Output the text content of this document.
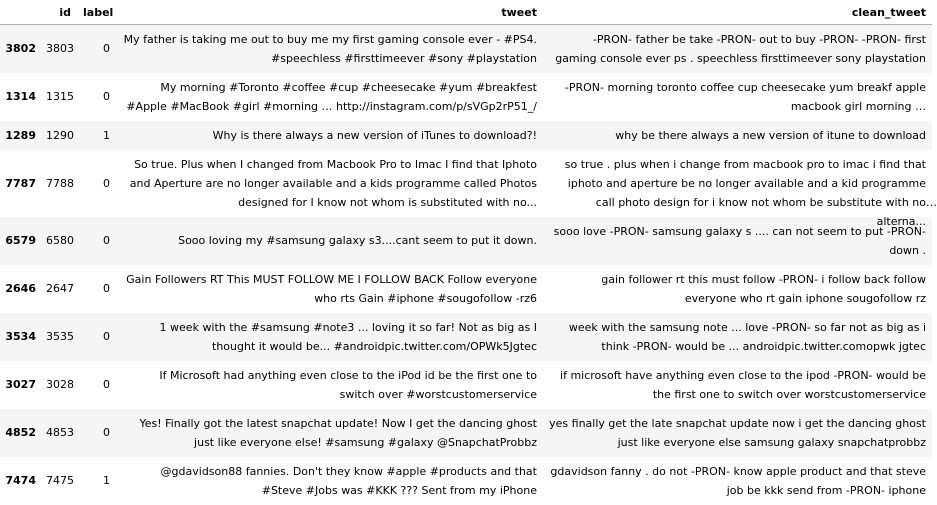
	id	label	tweet	clean_tweet
3802	3803	0	My father is taking me out to buy me my first gaming console ever - #PS4. #speechless #firsttimeever #sony #playstation	-PRON- father be take -PRON- out to buy -PRON- -PRON- first gaming console ever ps . speechless firsttimeever sony playstation

1314	1315	0	My morning #Toronto #coffee #cup #cheesecake #yum #breakfest #Apple #MacBook #girl #morning … http://instagram.com/p/sVGp2rP51_/	-PRON- morning toronto coffee cup cheesecake yum breakf apple macbook girl morning …

1289	1290	1	Why is there always a new version of iTunes to download?!	why be there always a new version of itune to download

7787	7788	0	So true. Plus when I changed from Macbook Pro to Imac I find that Iphoto and Aperture are no longer available and a kids programme called Photos designed for I know not whom is substituted with no...	so true . plus when i change from macbook pro to imac i find that iphoto and aperture be no longer available and a kid programme call photo design for i know not whom be substitute with no alterna...

6579	6580	0	Sooo loving my #samsung galaxy s3....cant seem to put it down.	sooo love -PRON- samsung galaxy s .... can not seem to put -PRON- down .

2646	2647	0	Gain Followers RT This MUST FOLLOW ME I FOLLOW BACK Follow everyone who rts Gain #iphone #sougofollow -rz6	gain follower rt this must follow -PRON- i follow back follow everyone who rt gain iphone sougofollow rz

3534	3535	0	1 week with the #samsung #note3 ... loving it so far! Not as big as I thought it would be... #androidpic.twitter.com/OPWk5Jgtec	week with the samsung note ... love -PRON- so far not as big as i think -PRON- would be ... androidpic.twitter.comopwk jgtec

3027	3028	0	If Microsoft had anything even close to the iPod id be the first one to switch over #worstcustomerservice	if microsoft have anything even close to the ipod -PRON- would be the first one to switch over worstcustomerservice

4852	4853	0	Yes! Finally got the latest snapchat update! Now I get the dancing ghost just like everyone else! #samsung #galaxy @SnapchatProbbz	yes finally get the late snapchat update now i get the dancing ghost just like everyone else samsung galaxy snapchatprobbz

7474	7475	1	@gdavidson88 fannies. Don't they know #apple #products and that #Steve #Jobs was #KKK ??? Sent from my iPhone	gdavidson fanny . do not -PRON- know apple product and that steve job be kkk send from -PRON- iphone
